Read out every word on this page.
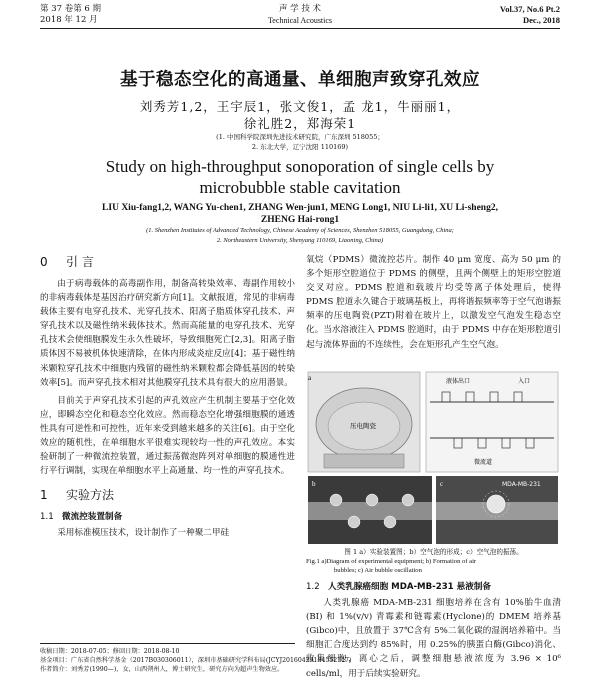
第 37 卷第 6 期
2018 年 12 月
声 学 技 术
Technical Acoustics
Vol.37, No.6 Pt.2
Dec., 2018
基于稳态空化的高通量、单细胞声致穿孔效应
刘秀芳1,2，王宇辰1，张文俊1，孟 龙1，牛丽丽1，
徐礼胜2，郑海荣1
(1. 中国科学院深圳先进技术研究院，广东深圳 518055；
2. 东北大学，辽宁沈阳 110169)
Study on high-throughput sonoporation of single cells by
microbubble stable cavitation
LIU Xiu-fang1,2, WANG Yu-chen1, ZHANG Wen-jun1, MENG Long1, NIU Li-li1, XU Li-sheng2,
ZHENG Hai-rong1
(1. Shenzhen Institutes of Advanced Technology, Chinese Academy of Sciences, Shenzhen 518055, Guangdong, China;
2. Northeastern University, Shenyang 110169, Liaoning, China)
0 引 言

由于病毒载体的高毒副作用，制备高转染效率、毒副作用较小的非病毒载体是基因治疗研究新方向[1]。文献报道，常见的非病毒载体主要有电穿孔技术、光穿孔技术、阳离子脂质体穿孔技术、声穿孔技术以及磁性纳米载体技术。然而高能量的电穿孔技术、光穿孔技术会使细胞膜发生永久性破坏，导致细胞死亡[2,3]。阳离子脂质体因不易被机体快速清除，在体内形成炎症反应[4]；基于磁性纳米颗粒穿孔技术中细胞内残留的磁性纳米颗粒都会降低基因的转染效率[5]。而声穿孔技术相对其他膜穿孔技术具有很大的应用潜景。

目前关于声穿孔技术引起的声孔效应产生机制主要基于空化效应，即瞬态空化和稳态空化效应。然而稳态空化增强细胞膜的通透性具有可逆性和可控性，近年来受到越来越多的关注[6]。由于空化效应的随机性，在单细胞水平很难实现较均一性的声孔效应。本实验研制了一种微流控装置，通过振荡微泡阵列对单细胞的膜通性进行平行调制，实现在单细胞水平上高通量、均一性的声穿孔技术。

1 实验方法
1.1 微流控装置制备

采用标准模压技术，设计制作了一种聚二甲硅

收稿日期：2018-07-05；修回日期：2018-08-10
基金项目：广东省自然科学基金（2017B030306011），深圳市基础研究学科布局(JCYJ20160429184552717)
作者简介：刘秀芳(1990—)，女，山西朔州人，博士研究生，研究方向为超声生物效应。

氧烷（PDMS）微流控芯片。制作 40 μm 宽度、高为 50 μm 的多个矩形空腔道位于 PDMS 的侧壁，且两个侧壁上的矩形空腔道交叉对应。PDMS 腔道和载玻片均受等离子体处理后，使得 PDMS 腔道永久键合于玻璃基板上，再将谐振频率等于空气泡谐振频率的压电陶瓷(PZT)附着在玻片上，以激发空气泡发生稳态空化。当水溶液注入 PDMS 腔道时，由于 PDMS 中存在矩形腔道引起与流体界面的不连续性，会在矩形孔产生空气泡。

a
压电陶瓷
液体出口	入口
微流道
b	c	MDA-MB-231
图 1 a）实验装置图；b）空气泡的形成；c）空气泡的振荡。
Fig.1 a)Diagram of experimental equipment; b) Formation of air
bubbles; c) Air bubble oscillation
1.2 人类乳腺癌细胞 MDA-MB-231 悬液制备

人类乳腺癌 MDA-MB-231 细胞培养在含有 10%胎牛血清(BI) 和 1%(v/v) 青霉素和链霉素(Hyclone)的 DMEM 培养基(Gibco)中，且放置于 37℃含有 5%二氧化碳的湿润培养箱中。当细胞汇合度达到约 85%时，用 0.25%的胰蛋白酶(Gibco)消化、收集细胞，离心之后，调整细胞悬液浓度为 3.96 × 10⁶ cells/ml，用于后续实验研究。
